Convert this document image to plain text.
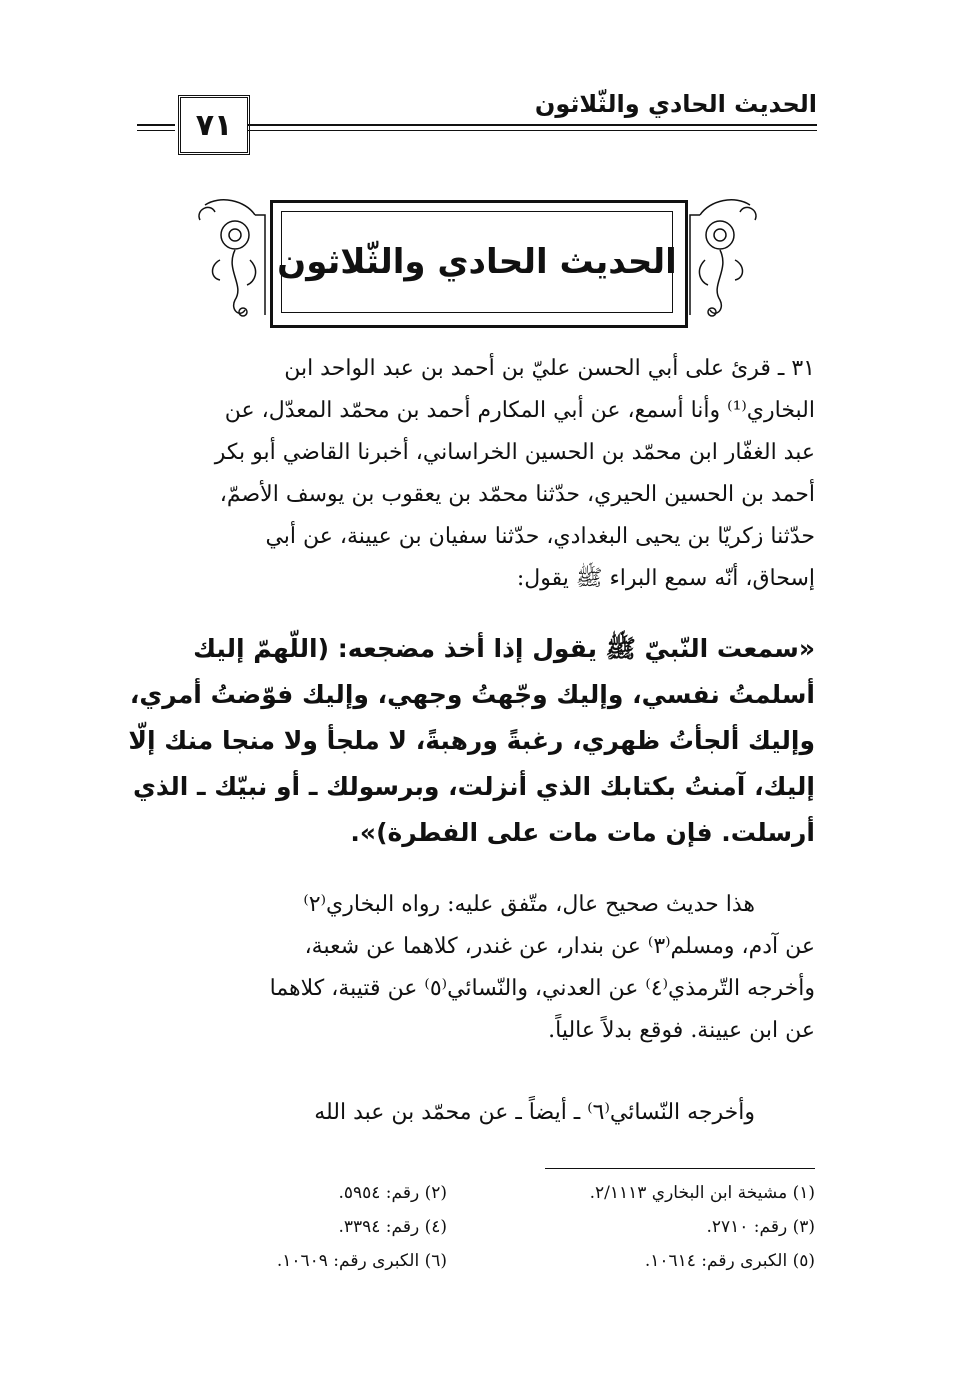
الحديث الحادي والثّلاثون
٧١
الحديث الحادي والثّلاثون
٣١ ـ قرئ على أبي الحسن عليّ بن أحمد بن عبد الواحد ابن
البخاري⁽¹⁾ وأنا أسمع، عن أبي المكارم أحمد بن محمّد المعدّل، عن
عبد الغفّار ابن محمّد بن الحسين الخراساني، أخبرنا القاضي أبو بكر
أحمد بن الحسين الحيري، حدّثنا محمّد بن يعقوب بن يوسف الأصمّ،
حدّثنا زكريّا بن يحيى البغدادي، حدّثنا سفيان بن عيينة، عن أبي
إسحاق، أنّه سمع البراء ﷺ يقول:
«سمعت النّبيّ ﷺ يقول إذا أخذ مضجعه: (اللّهمّ إليك
أسلمتُ نفسي، وإليك وجّهتُ وجهي، وإليك فوّضتُ أمري،
وإليك ألجأتُ ظهري، رغبةً ورهبةً، لا ملجأ ولا منجا منك إلّا
إليك، آمنتُ بكتابك الذي أنزلت، وبرسولك ـ أو نبيّك ـ الذي
أرسلت. فإن مات مات على الفطرة)».
هذا حديث صحيح عال، متّفق عليه: رواه البخاري⁽٢⁾
عن آدم، ومسلم⁽٣⁾ عن بندار، عن غندر، كلاهما عن شعبة،
وأخرجه التّرمذي⁽٤⁾ عن العدني، والنّسائي⁽٥⁾ عن قتيبة، كلاهما
عن ابن عيينة. فوقع بدلاً عالياً.
وأخرجه النّسائي⁽٦⁾ ـ أيضاً ـ عن محمّد بن عبد الله
(١) مشيخة ابن البخاري ٢/١١١٣.
(٢) رقم: ٥٩٥٤.
(٣) رقم: ٢٧١٠.
(٤) رقم: ٣٣٩٤.
(٥) الكبرى رقم: ١٠٦١٤.
(٦) الكبرى رقم: ١٠٦٠٩.
